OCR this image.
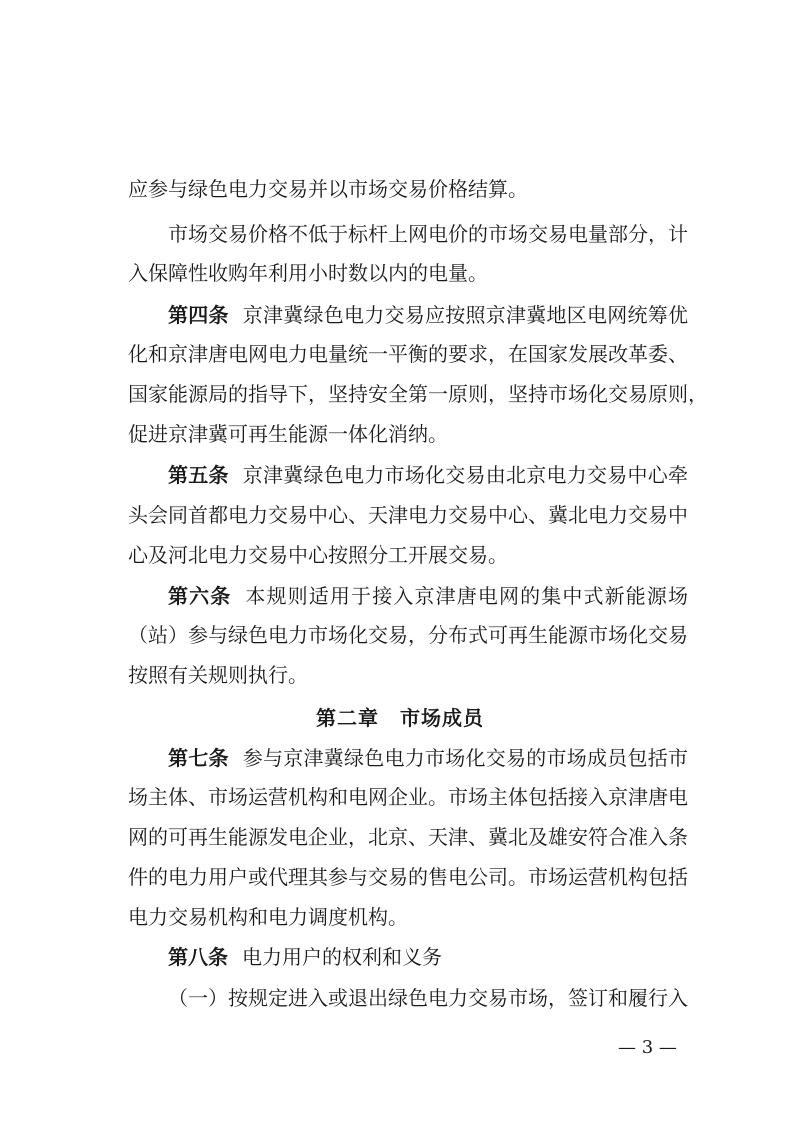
应参与绿色电力交易并以市场交易价格结算。
市场交易价格不低于标杆上网电价的市场交易电量部分，计
入保障性收购年利用小时数以内的电量。
第四条 京津冀绿色电力交易应按照京津冀地区电网统筹优
化和京津唐电网电力电量统一平衡的要求，在国家发展改革委、
国家能源局的指导下，坚持安全第一原则，坚持市场化交易原则，
促进京津冀可再生能源一体化消纳。
第五条 京津冀绿色电力市场化交易由北京电力交易中心牵
头会同首都电力交易中心、天津电力交易中心、冀北电力交易中
心及河北电力交易中心按照分工开展交易。
第六条 本规则适用于接入京津唐电网的集中式新能源场
（站）参与绿色电力市场化交易，分布式可再生能源市场化交易
按照有关规则执行。
第二章　市场成员
第七条 参与京津冀绿色电力市场化交易的市场成员包括市
场主体、市场运营机构和电网企业。市场主体包括接入京津唐电
网的可再生能源发电企业，北京、天津、冀北及雄安符合准入条
件的电力用户或代理其参与交易的售电公司。市场运营机构包括
电力交易机构和电力调度机构。
第八条 电力用户的权利和义务
（一）按规定进入或退出绿色电力交易市场，签订和履行入
— 3 —
